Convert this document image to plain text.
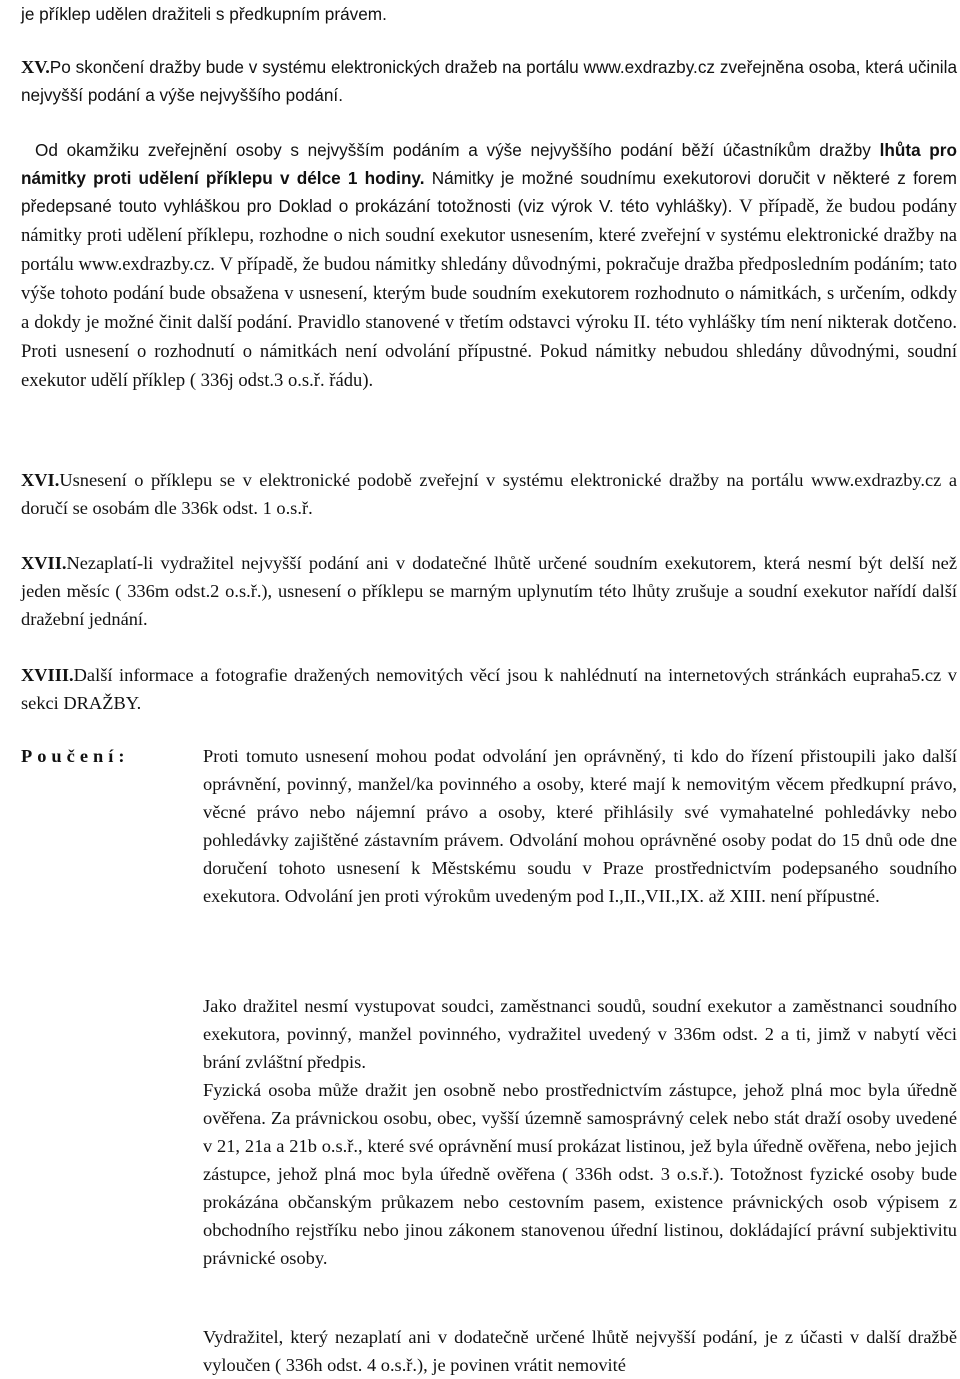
je příklep udělen dražiteli s předkupním právem.
XV.Po skončení dražby bude v systému elektronických dražeb na portálu www.exdrazby.cz zveřejněna osoba, která učinila nejvyšší podání a výše nejvyššího podání.
Od okamžiku zveřejnění osoby s nejvyšším podáním a výše nejvyššího podání běží účastníkům dražby lhůta pro námitky proti udělení příklepu v délce 1 hodiny. Námitky je možné soudnímu exekutorovi doručit v některé z forem předepsané touto vyhláškou pro Doklad o prokázání totožnosti (viz výrok V. této vyhlášky). V případě, že budou podány námitky proti udělení příklepu, rozhodne o nich soudní exekutor usnesením, které zveřejní v systému elektronické dražby na portálu www.exdrazby.cz. V případě, že budou námitky shledány důvodnými, pokračuje dražba předposledním podáním; tato výše tohoto podání bude obsažena v usnesení, kterým bude soudním exekutorem rozhodnuto o námitkách, s určením, odkdy a dokdy je možné činit další podání. Pravidlo stanovené v třetím odstavci výroku II. této vyhlášky tím není nikterak dotčeno. Proti usnesení o rozhodnutí o námitkách není odvolání přípustné. Pokud námitky nebudou shledány důvodnými, soudní exekutor udělí příklep ( 336j odst.3 o.s.ř. řádu).
XVI.Usnesení o příklepu se v elektronické podobě zveřejní v systému elektronické dražby na portálu www.exdrazby.cz a doručí se osobám dle 336k odst. 1 o.s.ř.
XVII.Nezaplatí-li vydražitel nejvyšší podání ani v dodatečné lhůtě určené soudním exekutorem, která nesmí být delší než jeden měsíc ( 336m odst.2 o.s.ř.), usnesení o příklepu se marným uplynutím této lhůty zrušuje a soudní exekutor nařídí další dražební jednání.
XVIII.Další informace a fotografie dražených nemovitých věcí jsou k nahlédnutí na internetových stránkách eupraha5.cz v sekci DRAŽBY.
Poučení:	Proti tomuto usnesení mohou podat odvolání jen oprávněný, ti kdo do řízení přistoupili jako další oprávnění, povinný, manžel/ka povinného a osoby, které mají k nemovitým věcem předkupní právo, věcné právo nebo nájemní právo a osoby, které přihlásily své vymahatelné pohledávky nebo pohledávky zajištěné zástavním právem. Odvolání mohou oprávněné osoby podat do 15 dnů ode dne doručení tohoto usnesení k Městskému soudu v Praze prostřednictvím podepsaného soudního exekutora. Odvolání jen proti výrokům uvedeným pod I.,II.,VII.,IX. až XIII. není přípustné.
Jako dražitel nesmí vystupovat soudci, zaměstnanci soudů, soudní exekutor a zaměstnanci soudního exekutora, povinný, manžel povinného, vydražitel uvedený v 336m odst. 2 a ti, jimž v nabytí věci brání zvláštní předpis.
Fyzická osoba může dražit jen osobně nebo prostřednictvím zástupce, jehož plná moc byla úředně ověřena. Za právnickou osobu, obec, vyšší územně samosprávný celek nebo stát draží osoby uvedené v 21, 21a a 21b o.s.ř., které své oprávnění musí prokázat listinou, jež byla úředně ověřena, nebo jejich zástupce, jehož plná moc byla úředně ověřena ( 336h odst. 3 o.s.ř.). Totožnost fyzické osoby bude prokázána občanským průkazem nebo cestovním pasem, existence právnických osob výpisem z obchodního rejstříku nebo jinou zákonem stanovenou úřední listinou, dokládající právní subjektivitu právnické osoby.
Vydražitel, který nezaplatí ani v dodatečně určené lhůtě nejvyšší podání, je z účasti v další dražbě vyloučen ( 336h odst. 4 o.s.ř.), je povinen vrátit nemovité
